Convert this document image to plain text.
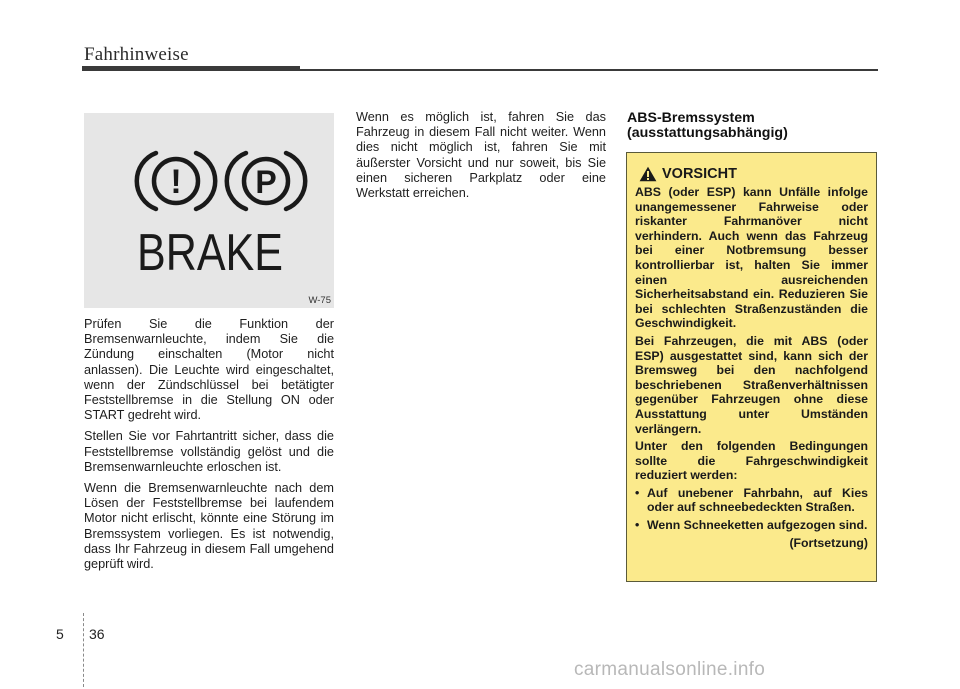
Fahrhinweise
! P
BRAKE
W-75

Prüfen Sie die Funktion der Bremsenwarnleuchte, indem Sie die Zündung einschalten (Motor nicht anlassen). Die Leuchte wird eingeschaltet, wenn der Zündschlüssel bei betätigter Feststellbremse in die Stellung ON oder START gedreht wird.

Stellen Sie vor Fahrtantritt sicher, dass die Feststellbremse vollständig gelöst und die Bremsenwarnleuchte erloschen ist.

Wenn die Bremsenwarnleuchte nach dem Lösen der Feststellbremse bei laufendem Motor nicht erlischt, könnte eine Störung im Bremssystem vorliegen. Es ist notwendig, dass Ihr Fahrzeug in diesem Fall umgehend geprüft wird.

Wenn es möglich ist, fahren Sie das Fahrzeug in diesem Fall nicht weiter. Wenn dies nicht möglich ist, fahren Sie mit äußerster Vorsicht und nur soweit, bis Sie einen sicheren Parkplatz oder eine Werkstatt erreichen.

ABS-Bremssystem
(ausstattungsabhängig)
VORSICHT

ABS (oder ESP) kann Unfälle infolge unangemessener Fahrweise oder riskanter Fahrmanöver nicht verhindern. Auch wenn das Fahrzeug bei einer Notbremsung besser kontrollierbar ist, halten Sie immer einen ausreichenden Sicherheitsabstand ein. Reduzieren Sie bei schlechten Straßenzuständen die Geschwindigkeit.

Bei Fahrzeugen, die mit ABS (oder ESP) ausgestattet sind, kann sich der Bremsweg bei den nachfolgend beschriebenen Straßenverhältnissen gegenüber Fahrzeugen ohne diese Ausstattung unter Umständen verlängern.

Unter den folgenden Bedingungen sollte die Fahrgeschwindigkeit reduziert werden:

• Auf unebener Fahrbahn, auf Kies oder auf schneebedeckten Straßen.
• Wenn Schneeketten aufgezogen sind.
(Fortsetzung)
5 36
carmanualsonline.info
